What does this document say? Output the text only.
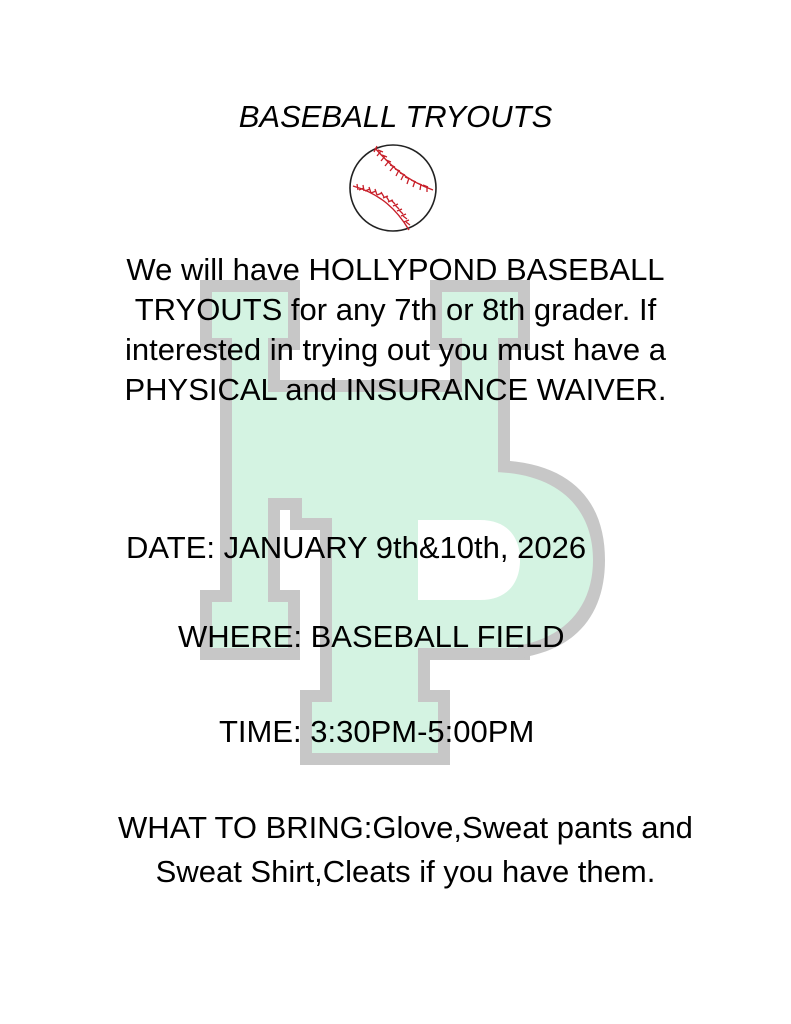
BASEBALL TRYOUTS

We will have HOLLYPOND BASEBALL TRYOUTS for any 7th or 8th grader. If interested in trying out you must have a PHYSICAL and INSURANCE WAIVER.

DATE: JANUARY 9th&10th, 2026

WHERE: BASEBALL FIELD

TIME: 3:30PM-5:00PM

WHAT TO BRING:Glove,Sweat pants and Sweat Shirt,Cleats if you have them.
